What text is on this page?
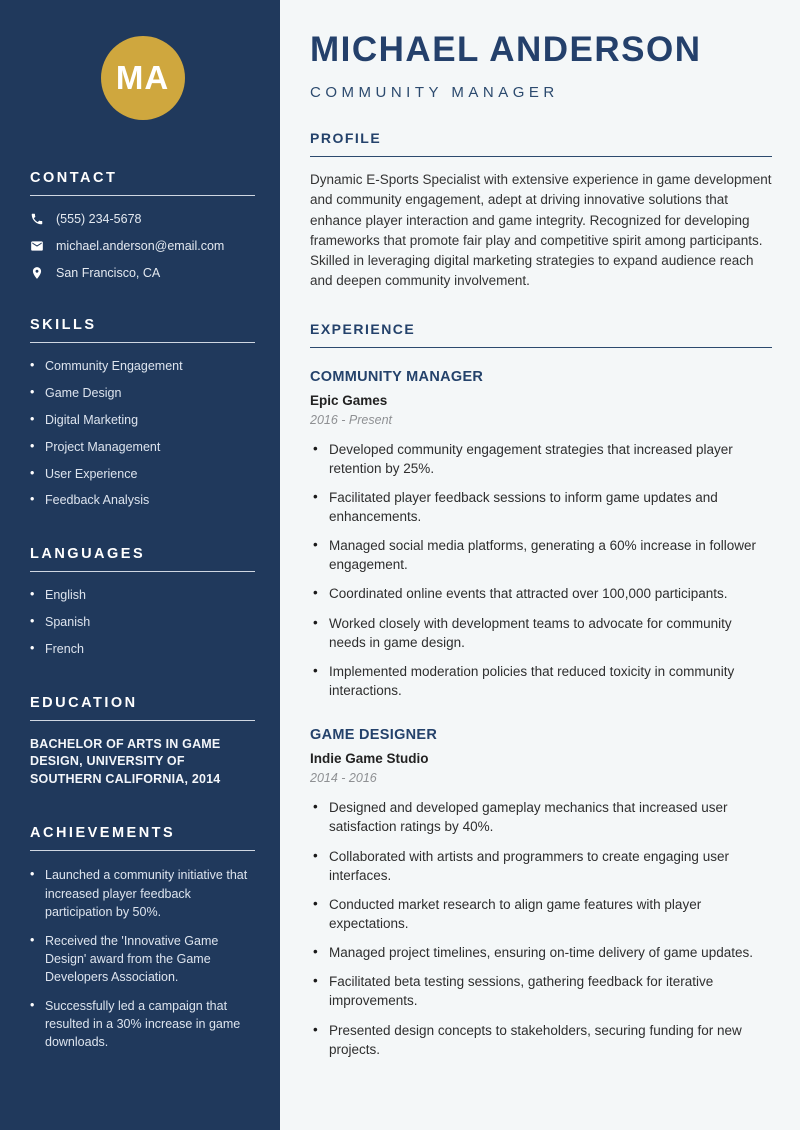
MA
CONTACT
(555) 234-5678
michael.anderson@email.com
San Francisco, CA
SKILLS
• Community Engagement
• Game Design
• Digital Marketing
• Project Management
• User Experience
• Feedback Analysis
LANGUAGES
• English
• Spanish
• French
EDUCATION
BACHELOR OF ARTS IN GAME DESIGN, UNIVERSITY OF SOUTHERN CALIFORNIA, 2014
ACHIEVEMENTS
• Launched a community initiative that increased player feedback participation by 50%.
• Received the 'Innovative Game Design' award from the Game Developers Association.
• Successfully led a campaign that resulted in a 30% increase in game downloads.
MICHAEL ANDERSON
COMMUNITY MANAGER
PROFILE

Dynamic E-Sports Specialist with extensive experience in game development and community engagement, adept at driving innovative solutions that enhance player interaction and game integrity. Recognized for developing frameworks that promote fair play and competitive spirit among participants. Skilled in leveraging digital marketing strategies to expand audience reach and deepen community involvement.

EXPERIENCE
COMMUNITY MANAGER
Epic Games
2016 - Present
• Developed community engagement strategies that increased player retention by 25%.
• Facilitated player feedback sessions to inform game updates and enhancements.
• Managed social media platforms, generating a 60% increase in follower engagement.
• Coordinated online events that attracted over 100,000 participants.
• Worked closely with development teams to advocate for community needs in game design.
• Implemented moderation policies that reduced toxicity in community interactions.
GAME DESIGNER
Indie Game Studio
2014 - 2016
• Designed and developed gameplay mechanics that increased user satisfaction ratings by 40%.
• Collaborated with artists and programmers to create engaging user interfaces.
• Conducted market research to align game features with player expectations.
• Managed project timelines, ensuring on-time delivery of game updates.
• Facilitated beta testing sessions, gathering feedback for iterative improvements.
• Presented design concepts to stakeholders, securing funding for new projects.
